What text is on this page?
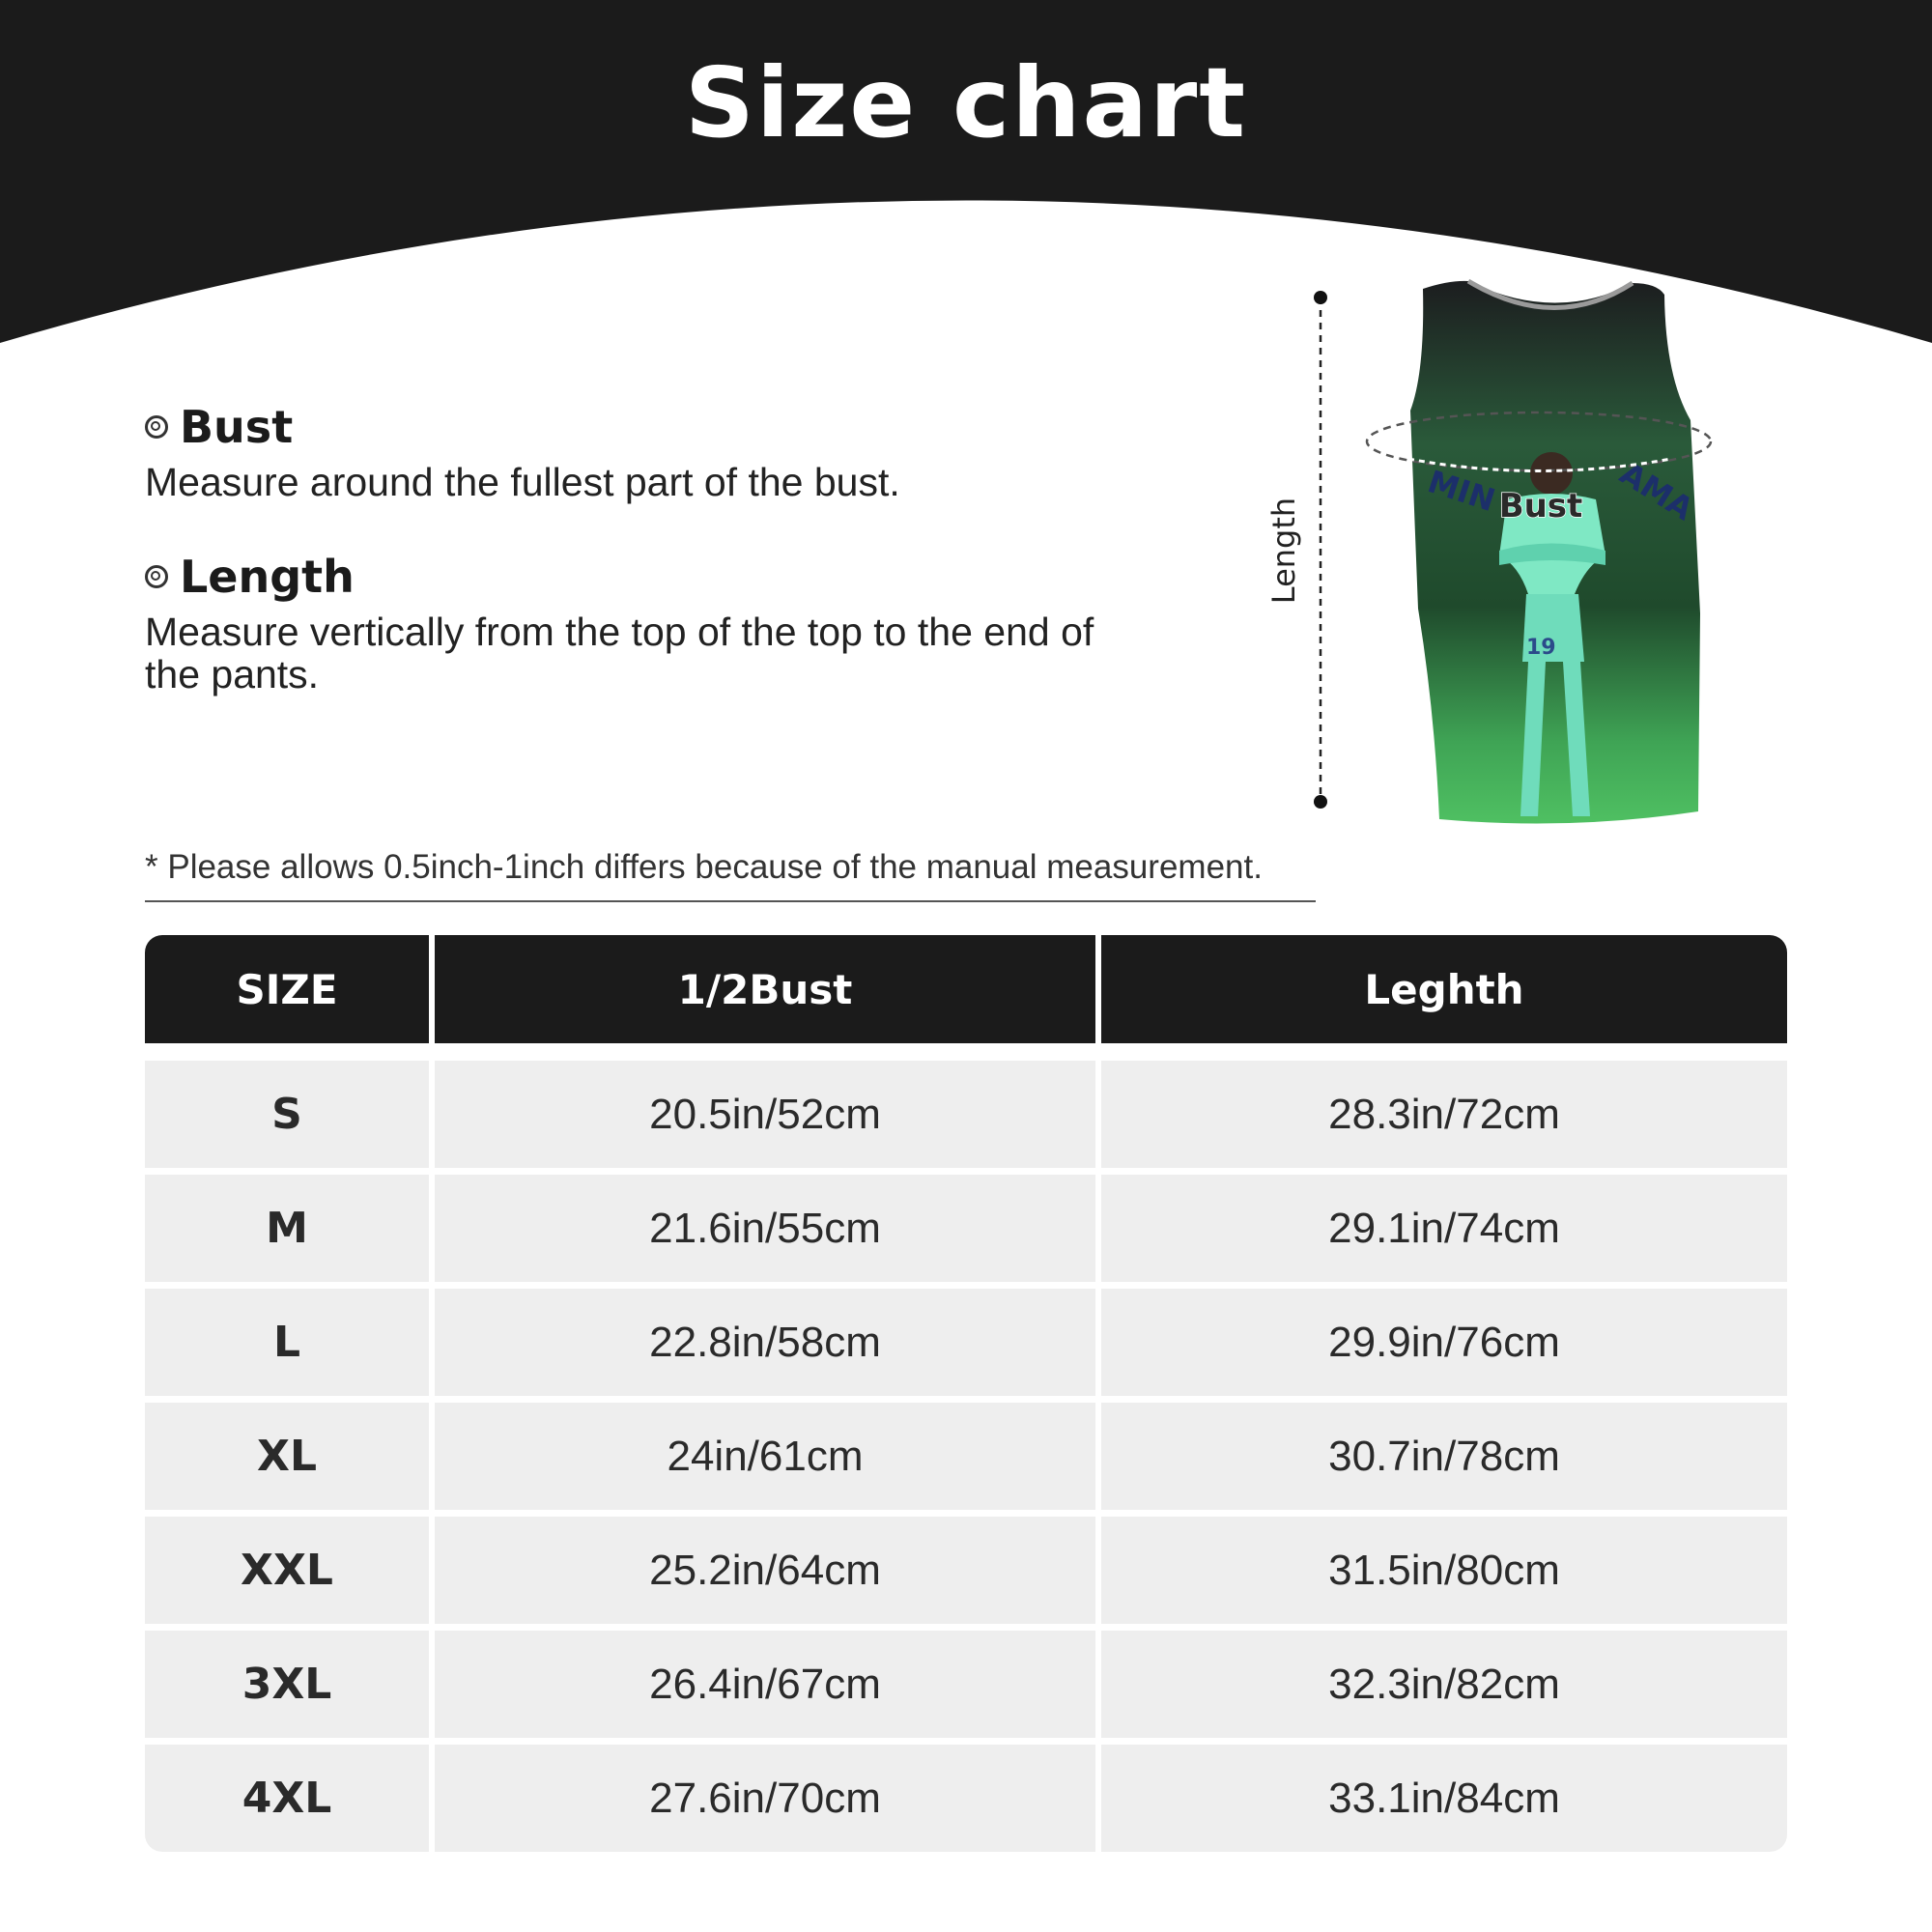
Size chart
Bust
Measure around the fullest part of the bust.
Length
Measure vertically from the top of the top to the end of the pants.
Length
19
MIN	AMA
Bust
* Please allows 0.5inch-1inch differs because of the manual measurement.
SIZE	1/2Bust	Leghth
S	20.5in/52cm	28.3in/72cm
M	21.6in/55cm	29.1in/74cm
L	22.8in/58cm	29.9in/76cm
XL	24in/61cm	30.7in/78cm
XXL	25.2in/64cm	31.5in/80cm
3XL	26.4in/67cm	32.3in/82cm
4XL	27.6in/70cm	33.1in/84cm
